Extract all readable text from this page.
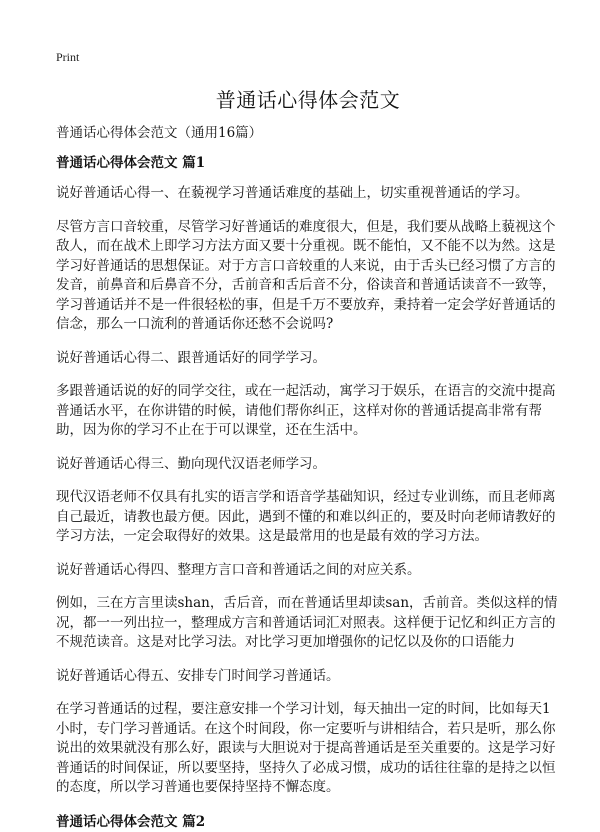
Print
普通话心得体会范文

普通话心得体会范文（通用16篇）

普通话心得体会范文 篇1

说好普通话心得一、在藐视学习普通话难度的基础上，切实重视普通话的学习。

尽管方言口音较重，尽管学习好普通话的难度很大，但是，我们要从战略上藐视这个敌人，而在战术上即学习方法方面又要十分重视。既不能怕，又不能不以为然。这是学习好普通话的思想保证。对于方言口音较重的人来说，由于舌头已经习惯了方言的发音，前鼻音和后鼻音不分，舌前音和舌后音不分，俗读音和普通话读音不一致等，学习普通话并不是一件很轻松的事，但是千万不要放弃，秉持着一定会学好普通话的信念，那么一口流利的普通话你还愁不会说吗?

说好普通话心得二、跟普通话好的同学学习。

多跟普通话说的好的同学交往，或在一起活动，寓学习于娱乐，在语言的交流中提高普通话水平，在你讲错的时候，请他们帮你纠正，这样对你的普通话提高非常有帮助，因为你的学习不止在于可以课堂，还在生活中。

说好普通话心得三、勤向现代汉语老师学习。

现代汉语老师不仅具有扎实的语言学和语音学基础知识，经过专业训练，而且老师离自己最近，请教也最方便。因此，遇到不懂的和难以纠正的，要及时向老师请教好的学习方法，一定会取得好的效果。这是最常用的也是最有效的学习方法。

说好普通话心得四、整理方言口音和普通话之间的对应关系。

例如，三在方言里读shan，舌后音，而在普通话里却读san，舌前音。类似这样的情况，都一一列出拉一，整理成方言和普通话词汇对照表。这样便于记忆和纠正方言的不规范读音。这是对比学习法。对比学习更加增强你的记忆以及你的口语能力

说好普通话心得五、安排专门时间学习普通话。

在学习普通话的过程，要注意安排一个学习计划，每天抽出一定的时间，比如每天1小时，专门学习普通话。在这个时间段，你一定要听与讲相结合，若只是听，那么你说出的效果就没有那么好，跟读与大胆说对于提高普通话是至关重要的。这是学习好普通话的时间保证，所以要坚持，坚持久了必成习惯，成功的话往往靠的是持之以恒的态度，所以学习普通也要保持坚持不懈态度。

普通话心得体会范文 篇2
